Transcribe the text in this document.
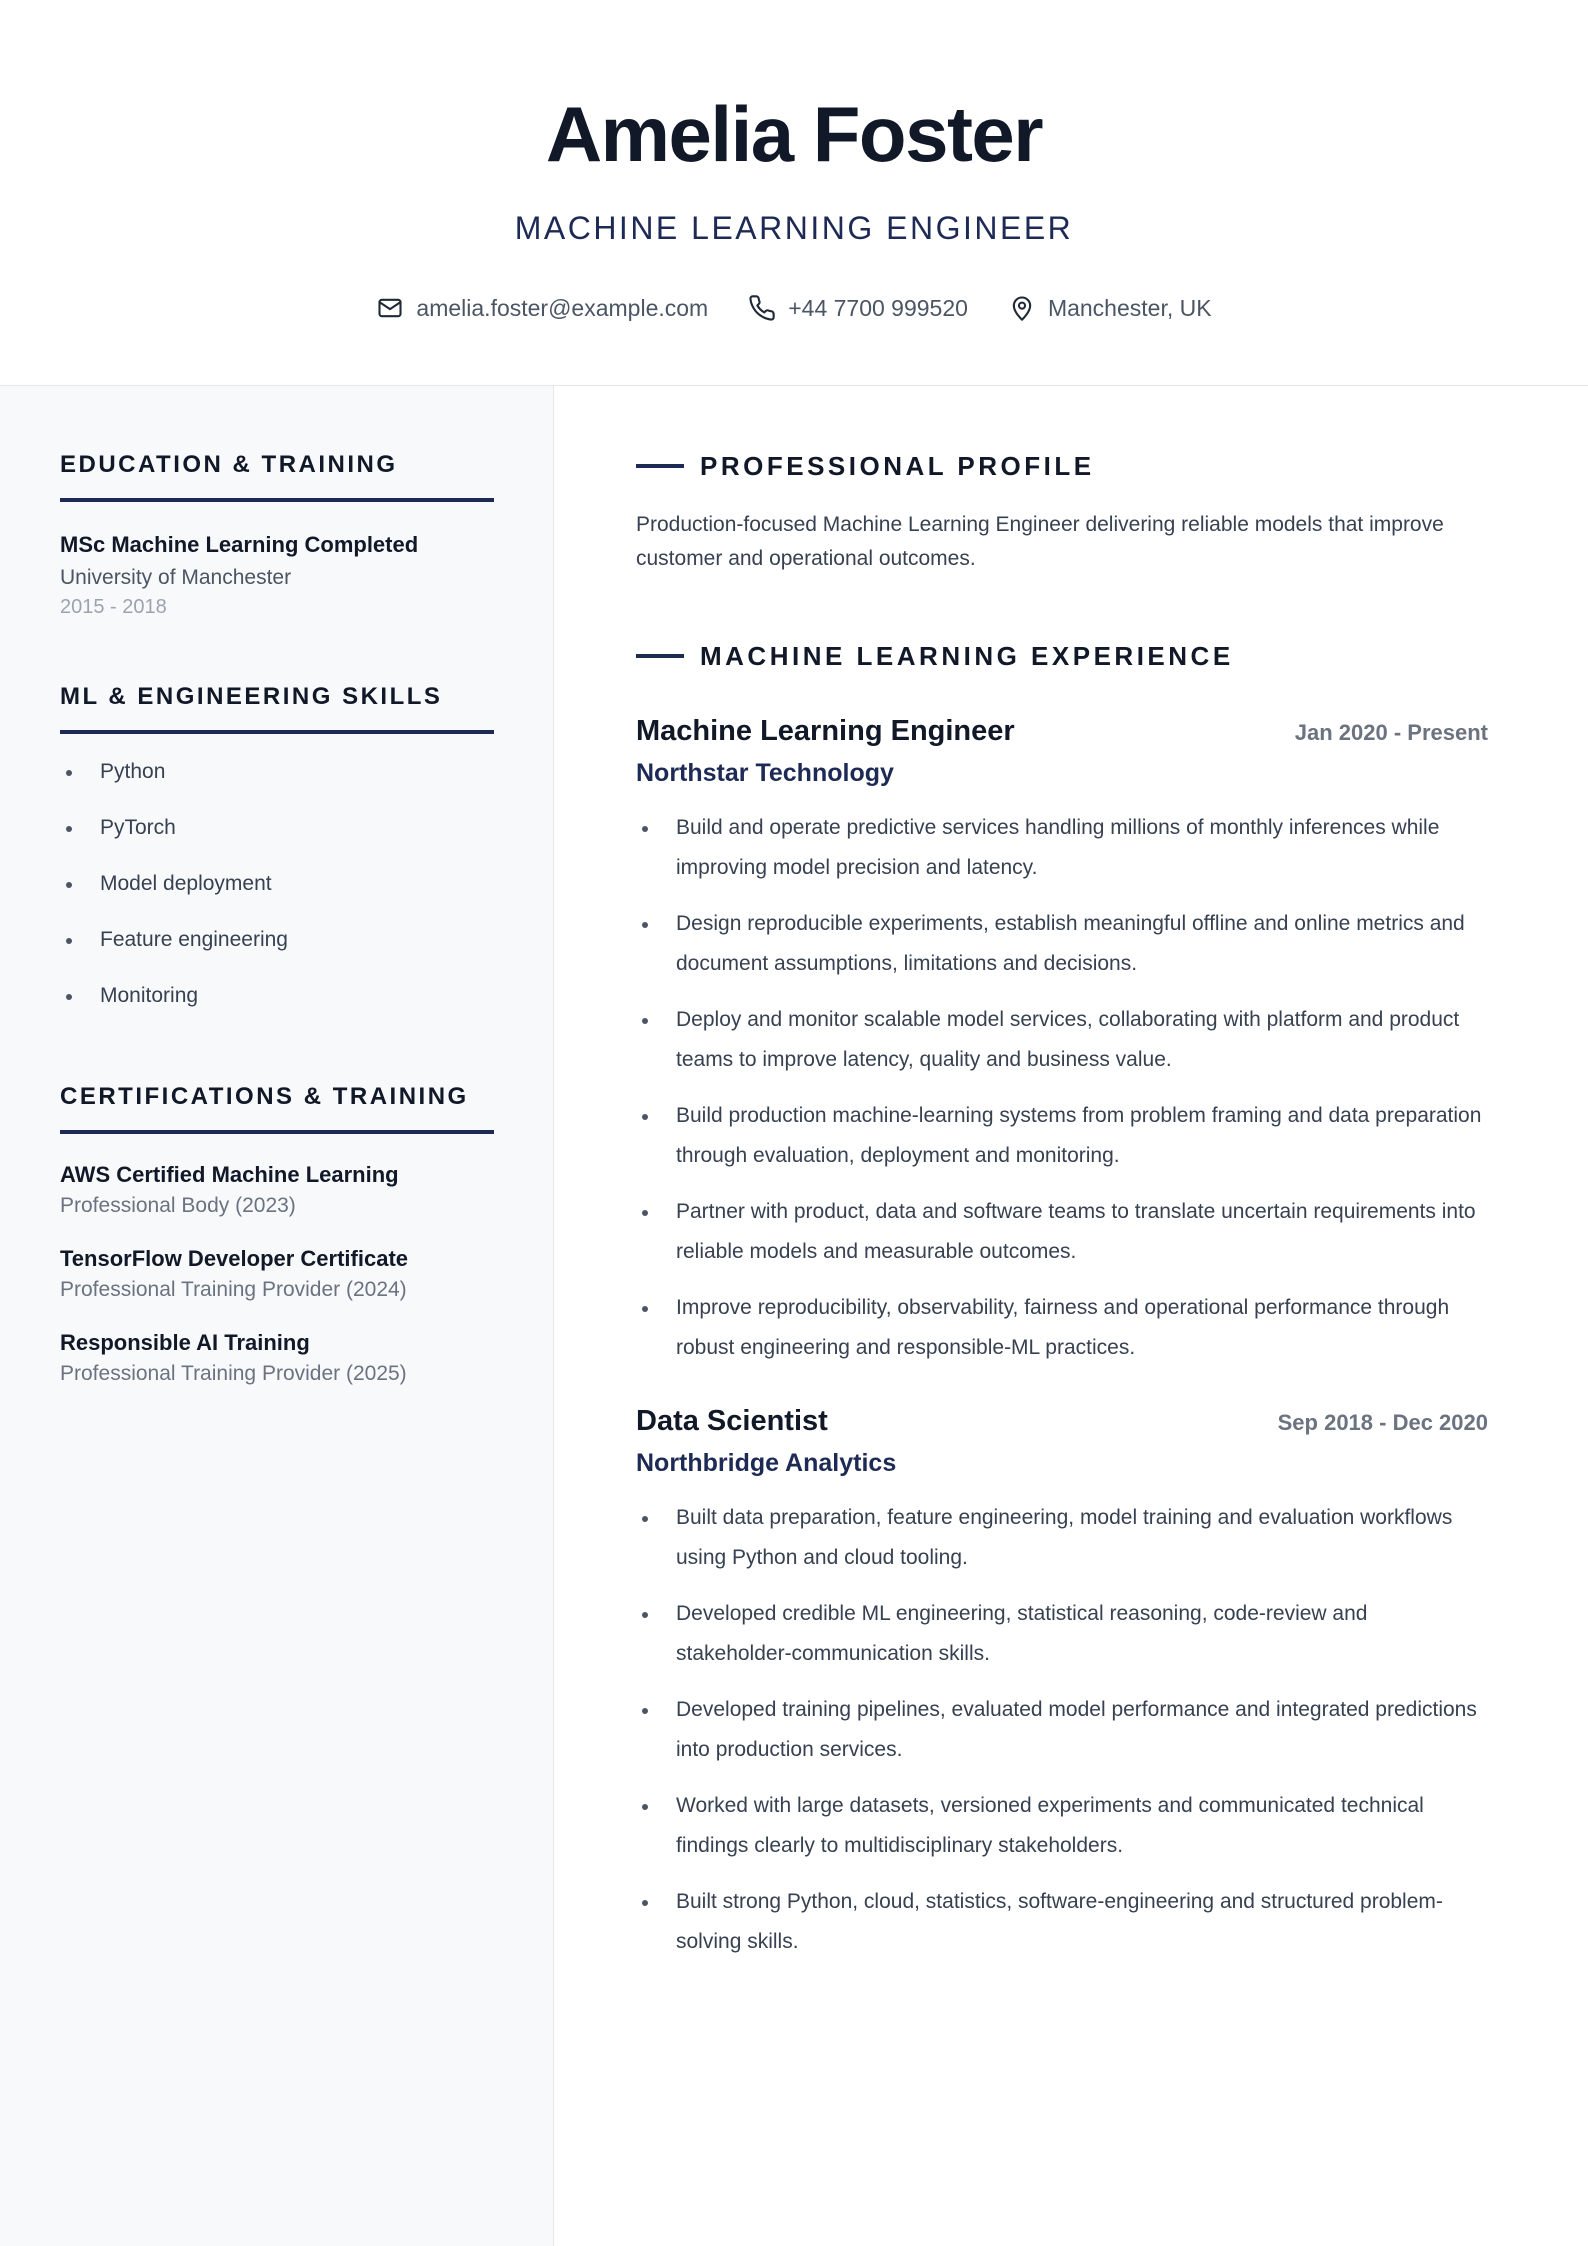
Amelia Foster
MACHINE LEARNING ENGINEER
amelia.foster@example.com	+44 7700 999520	Manchester, UK
EDUCATION & TRAINING
MSc Machine Learning Completed
University of Manchester
2015 - 2018
ML & ENGINEERING SKILLS
Python
PyTorch
Model deployment
Feature engineering
Monitoring
CERTIFICATIONS & TRAINING
AWS Certified Machine Learning
Professional Body (2023)
TensorFlow Developer Certificate
Professional Training Provider (2024)
Responsible AI Training
Professional Training Provider (2025)
PROFESSIONAL PROFILE

Production-focused Machine Learning Engineer delivering reliable models that improve customer and operational outcomes.

MACHINE LEARNING EXPERIENCE
Machine Learning Engineer	Jan 2020 - Present
Northstar Technology
Build and operate predictive services handling millions of monthly inferences while improving model precision and latency.
Design reproducible experiments, establish meaningful offline and online metrics and document assumptions, limitations and decisions.
Deploy and monitor scalable model services, collaborating with platform and product teams to improve latency, quality and business value.
Build production machine-learning systems from problem framing and data preparation through evaluation, deployment and monitoring.
Partner with product, data and software teams to translate uncertain requirements into reliable models and measurable outcomes.
Improve reproducibility, observability, fairness and operational performance through robust engineering and responsible-ML practices.
Data Scientist	Sep 2018 - Dec 2020
Northbridge Analytics
Built data preparation, feature engineering, model training and evaluation workflows using Python and cloud tooling.
Developed credible ML engineering, statistical reasoning, code-review and stakeholder-communication skills.
Developed training pipelines, evaluated model performance and integrated predictions into production services.
Worked with large datasets, versioned experiments and communicated technical findings clearly to multidisciplinary stakeholders.
Built strong Python, cloud, statistics, software-engineering and structured problem-solving skills.
